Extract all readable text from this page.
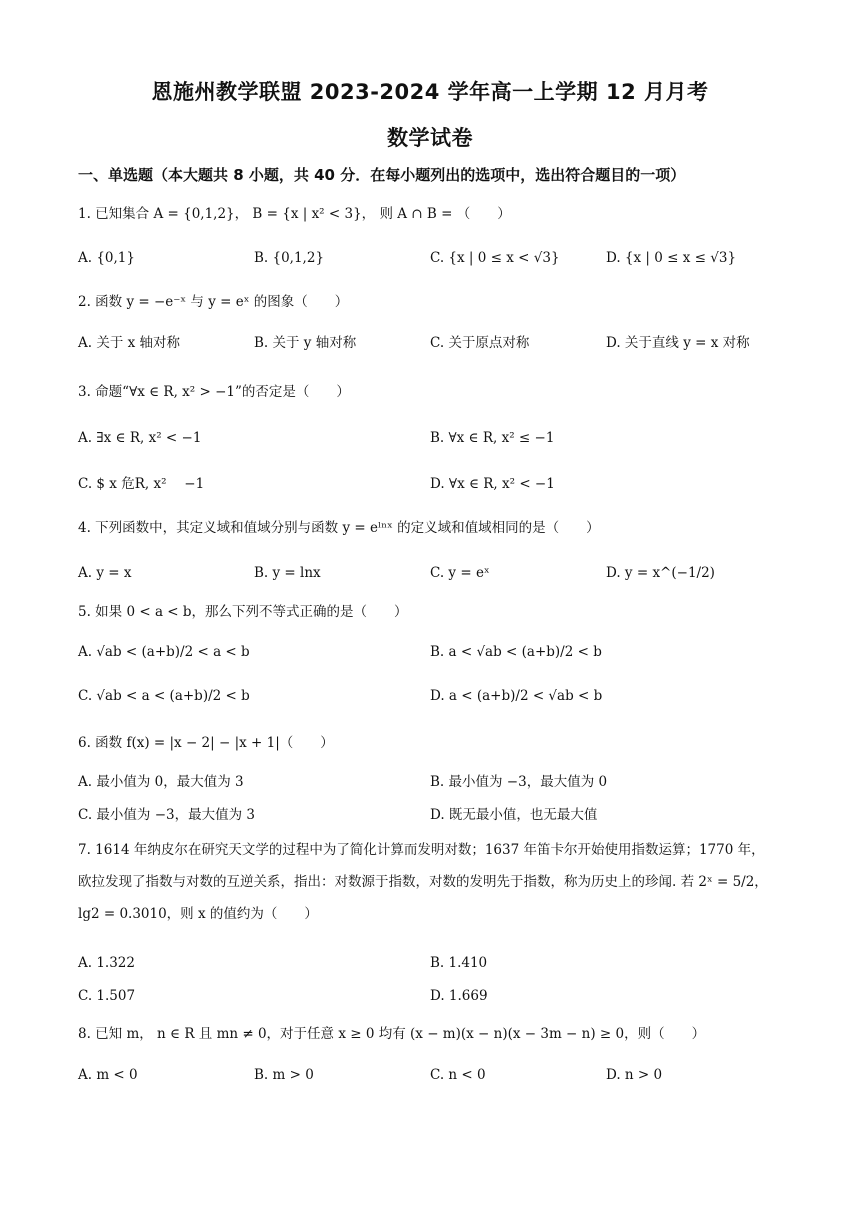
恩施州教学联盟 2023-2024 学年高一上学期 12 月月考
数学试卷
一、单选题（本大题共 8 小题，共 40 分．在每小题列出的选项中，选出符合题目的一项）
1. 已知集合 A = {0,1,2}， B = {x | x² < 3}， 则 A ∩ B = （　　）
A. {0,1}	B. {0,1,2}	C. {x | 0 ≤ x < √3}	D. {x | 0 ≤ x ≤ √3}
2. 函数 y = −e⁻ˣ 与 y = eˣ 的图象（　　）
A. 关于 x 轴对称	B. 关于 y 轴对称	C. 关于原点对称	D. 关于直线 y = x 对称
3. 命题“∀x ∈ R, x² > −1”的否定是（　　）
A. ∃x ∈ R, x² < −1	B. ∀x ∈ R, x² ≤ −1
C. $ x 危R, x²　 −1	D. ∀x ∈ R, x² < −1
4. 下列函数中，其定义域和值域分别与函数 y = eˡⁿˣ 的定义域和值域相同的是（　　）
A. y = x	B. y = lnx	C. y = eˣ	D. y = x^(−1/2)
5. 如果 0 < a < b，那么下列不等式正确的是（　　）
A. √ab < (a+b)/2 < a < b	B. a < √ab < (a+b)/2 < b
C. √ab < a < (a+b)/2 < b	D. a < (a+b)/2 < √ab < b
6. 函数 f(x) = |x − 2| − |x + 1|（　　）
A. 最小值为 0，最大值为 3	B. 最小值为 −3，最大值为 0
C. 最小值为 −3，最大值为 3	D. 既无最小值，也无最大值
7. 1614 年纳皮尔在研究天文学的过程中为了简化计算而发明对数；1637 年笛卡尔开始使用指数运算；1770 年，欧拉发现了指数与对数的互逆关系，指出：对数源于指数，对数的发明先于指数，称为历史上的珍闻. 若 2ˣ = 5/2， lg2 = 0.3010，则 x 的值约为（　　）
A. 1.322	B. 1.410
C. 1.507	D. 1.669
8. 已知 m， n ∈ R 且 mn ≠ 0，对于任意 x ≥ 0 均有 (x − m)(x − n)(x − 3m − n) ≥ 0，则（　　）
A. m < 0	B. m > 0	C. n < 0	D. n > 0
